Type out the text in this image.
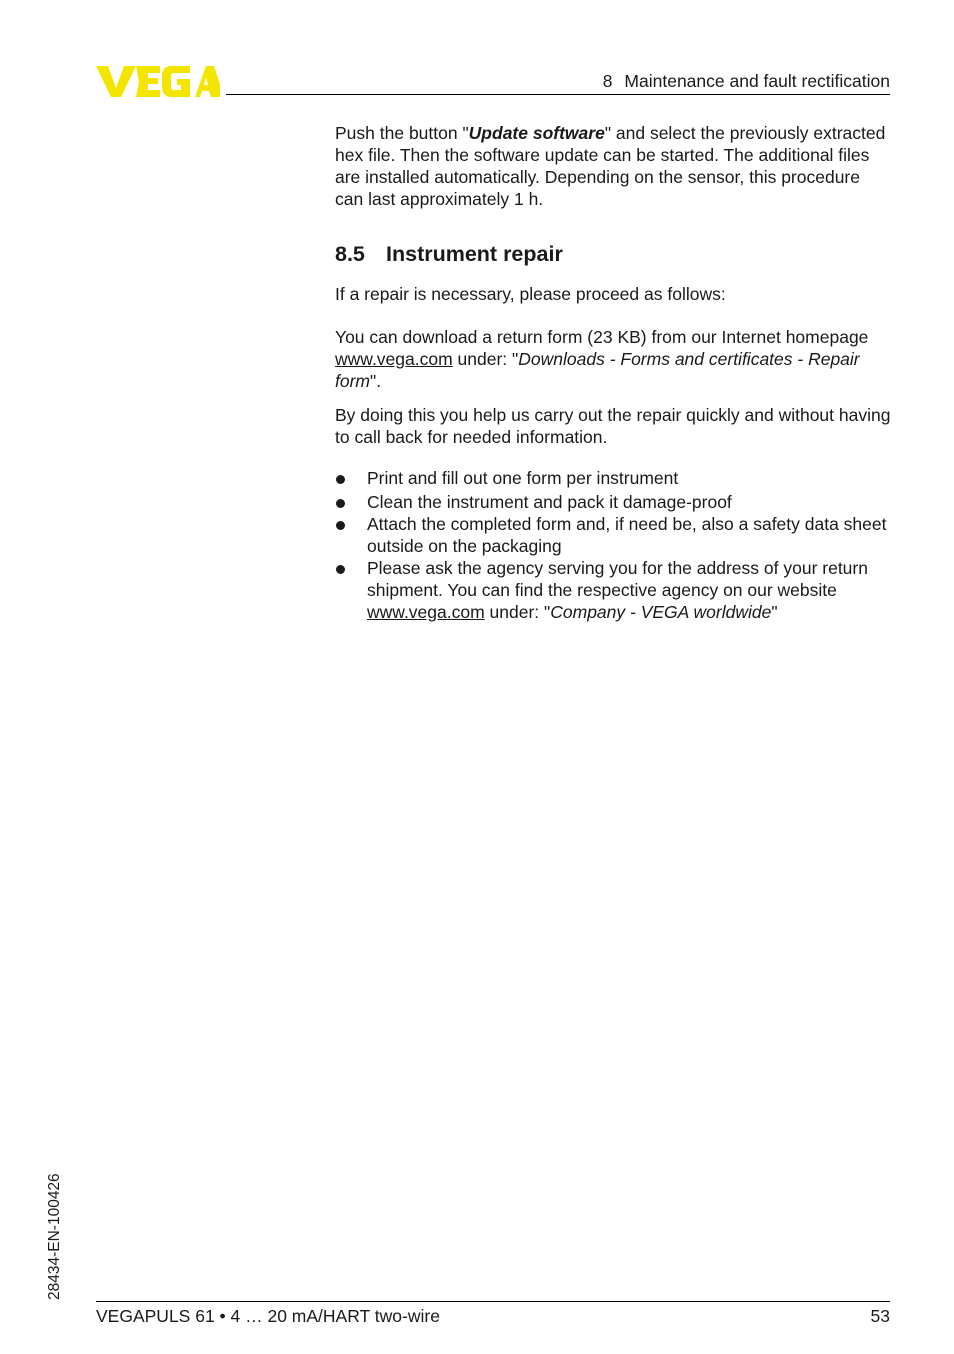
8 Maintenance and fault rectification

Push the button "Update software" and select the previously extracted hex file. Then the software update can be started. The additional files are installed automatically. Depending on the sensor, this procedure can last approximately 1 h.

8.5 Instrument repair

If a repair is necessary, please proceed as follows:

You can download a return form (23 KB) from our Internet homepage www.vega.com under: "Downloads - Forms and certificates - Repair form".

By doing this you help us carry out the repair quickly and without having to call back for needed information.

Print and fill out one form per instrument
Clean the instrument and pack it damage-proof
Attach the completed form and, if need be, also a safety data sheet outside on the packaging
Please ask the agency serving you for the address of your return shipment. You can find the respective agency on our website www.vega.com under: "Company - VEGA worldwide"
28434-EN-100426
VEGAPULS 61 • 4 … 20 mA/HART two-wire	53
